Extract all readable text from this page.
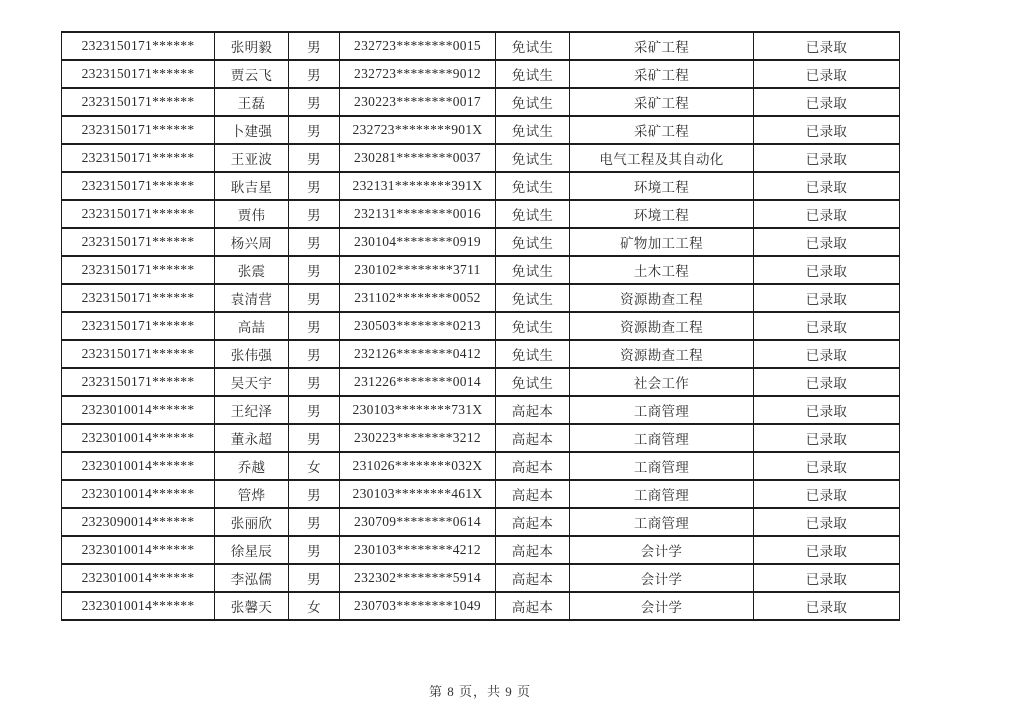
2323150171******	张明毅	男	232723********0015	免试生	采矿工程	已录取
2323150171******	贾云飞	男	232723********9012	免试生	采矿工程	已录取
2323150171******	王磊	男	230223********0017	免试生	采矿工程	已录取
2323150171******	卜建强	男	232723********901X	免试生	采矿工程	已录取
2323150171******	王亚波	男	230281********0037	免试生	电气工程及其自动化	已录取
2323150171******	耿吉星	男	232131********391X	免试生	环境工程	已录取
2323150171******	贾伟	男	232131********0016	免试生	环境工程	已录取
2323150171******	杨兴周	男	230104********0919	免试生	矿物加工工程	已录取
2323150171******	张震	男	230102********3711	免试生	土木工程	已录取
2323150171******	袁清营	男	231102********0052	免试生	资源勘查工程	已录取
2323150171******	高喆	男	230503********0213	免试生	资源勘查工程	已录取
2323150171******	张伟强	男	232126********0412	免试生	资源勘查工程	已录取
2323150171******	吴天宇	男	231226********0014	免试生	社会工作	已录取
2323010014******	王纪泽	男	230103********731X	高起本	工商管理	已录取
2323010014******	董永超	男	230223********3212	高起本	工商管理	已录取
2323010014******	乔越	女	231026********032X	高起本	工商管理	已录取
2323010014******	管烨	男	230103********461X	高起本	工商管理	已录取
2323090014******	张丽欣	男	230709********0614	高起本	工商管理	已录取
2323010014******	徐星辰	男	230103********4212	高起本	会计学	已录取
2323010014******	李泓儒	男	232302********5914	高起本	会计学	已录取
2323010014******	张馨天	女	230703********1049	高起本	会计学	已录取
第 8 页，共 9 页
